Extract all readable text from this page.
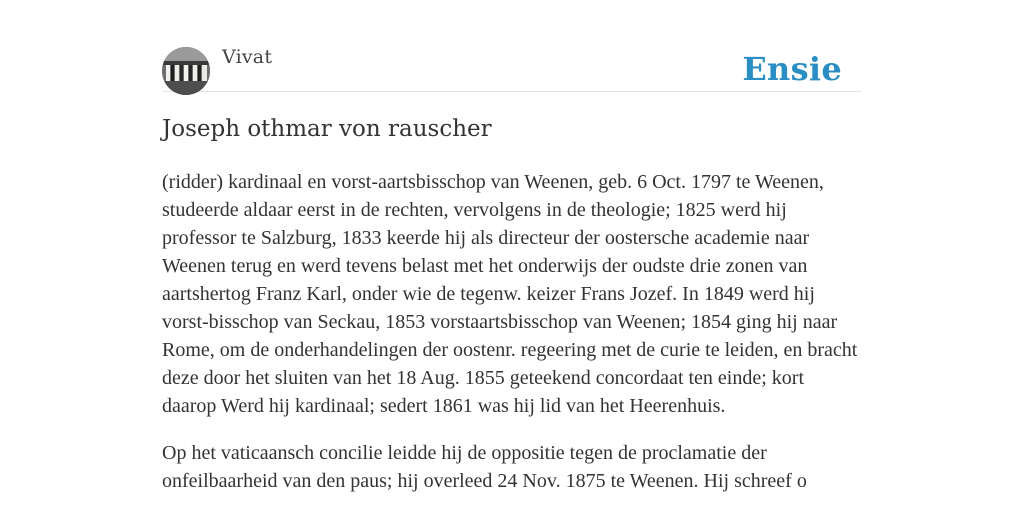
Vivat	Ensie
Joseph othmar von rauscher

(ridder) kardinaal en vorst-aartsbisschop van Weenen, geb. 6 Oct. 1797 te Weenen, studeerde aldaar eerst in de rechten, vervolgens in de theologie; 1825 werd hij professor te Salzburg, 1833 keerde hij als directeur der oostersche academie naar Weenen terug en werd tevens belast met het onderwijs der oudste drie zonen van aartshertog Franz Karl, onder wie de tegenw. keizer Frans Jozef. In 1849 werd hij vorst-bisschop van Seckau, 1853 vorstaartsbisschop van Weenen; 1854 ging hij naar Rome, om de onderhandelingen der oostenr. regeering met de curie te leiden, en bracht deze door het sluiten van het 18 Aug. 1855 geteekend concordaat ten einde; kort daarop Werd hij kardinaal; sedert 1861 was hij lid van het Heerenhuis.

Op het vaticaansch concilie leidde hij de oppositie tegen de proclamatie der onfeilbaarheid van den paus; hij overleed 24 Nov. 1875 te Weenen. Hij schreef o
